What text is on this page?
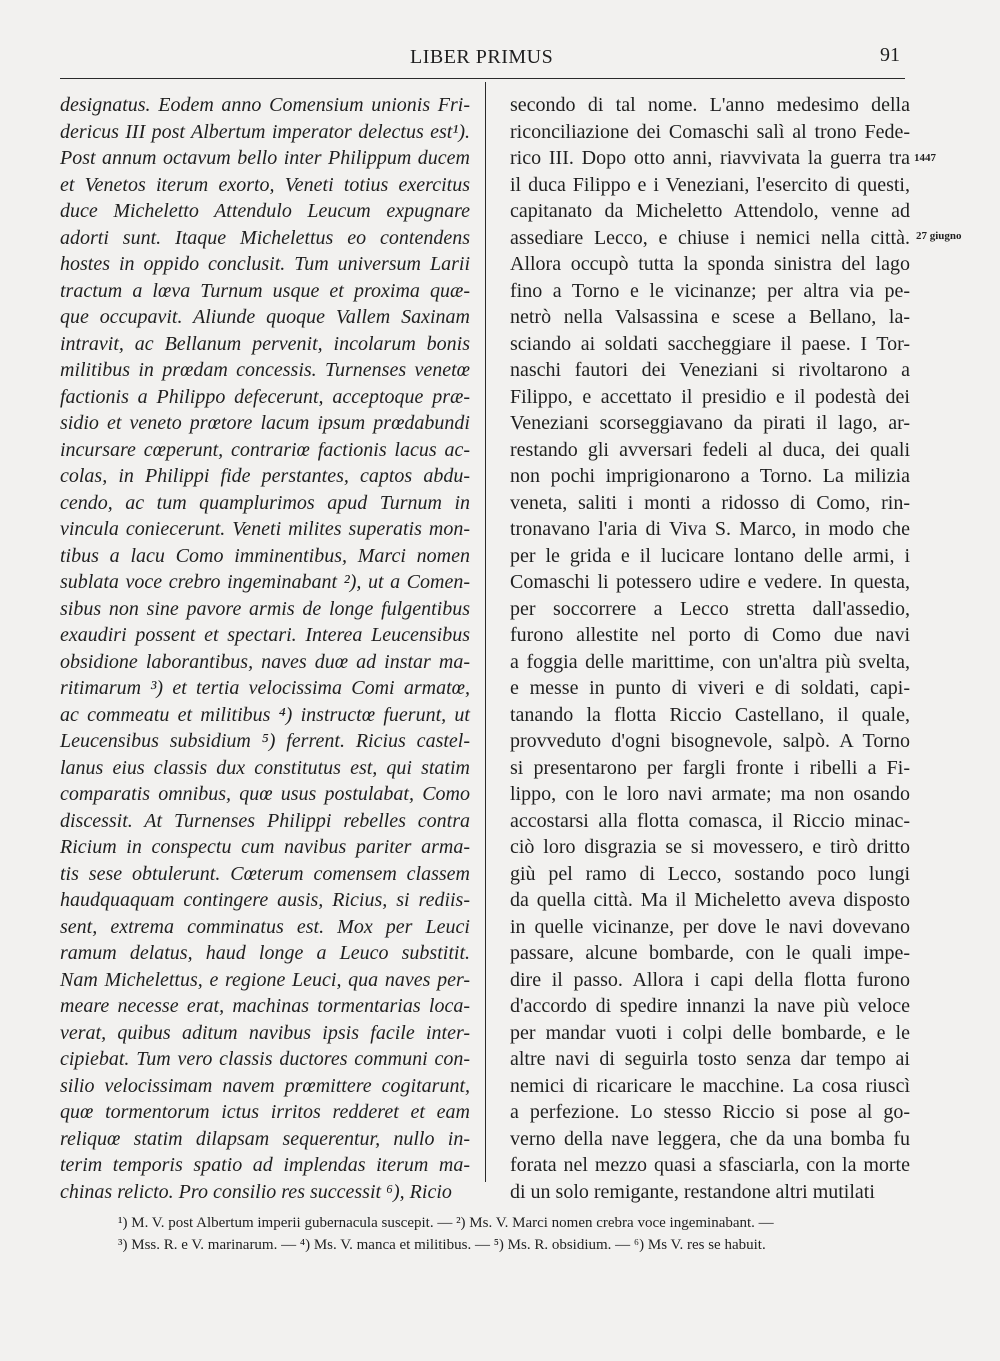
LIBER PRIMUS	91
designatus. Eodem anno Comensium unionis Fri-
dericus III post Albertum imperator delectus est¹).
Post annum octavum bello inter Philippum ducem
et Venetos iterum exorto, Veneti totius exercitus
duce Micheletto Attendulo Leucum expugnare
adorti sunt. Itaque Michelettus eo contendens
hostes in oppido conclusit. Tum universum Larii
tractum a lœva Turnum usque et proxima quæ-
que occupavit. Aliunde quoque Vallem Saxinam
intravit, ac Bellanum pervenit, incolarum bonis
militibus in prœdam concessis. Turnenses venetœ
factionis a Philippo defecerunt, acceptoque præ-
sidio et veneto prœtore lacum ipsum prœdabundi
incursare cœperunt, contrariœ factionis lacus ac-
colas, in Philippi fide perstantes, captos abdu-
cendo, ac tum quamplurimos apud Turnum in
vincula coniecerunt. Veneti milites superatis mon-
tibus a lacu Como imminentibus, Marci nomen
sublata voce crebro ingeminabant ²), ut a Comen-
sibus non sine pavore armis de longe fulgentibus
exaudiri possent et spectari. Interea Leucensibus
obsidione laborantibus, naves duœ ad instar ma-
ritimarum ³) et tertia velocissima Comi armatœ,
ac commeatu et militibus ⁴) instructœ fuerunt, ut
Leucensibus subsidium ⁵) ferrent. Ricius castel-
lanus eius classis dux constitutus est, qui statim
comparatis omnibus, quœ usus postulabat, Como
discessit. At Turnenses Philippi rebelles contra
Ricium in conspectu cum navibus pariter arma-
tis sese obtulerunt. Cœterum comensem classem
haudquaquam contingere ausis, Ricius, si rediis-
sent, extrema comminatus est. Mox per Leuci
ramum delatus, haud longe a Leuco substitit.
Nam Michelettus, e regione Leuci, qua naves per-
meare necesse erat, machinas tormentarias loca-
verat, quibus aditum navibus ipsis facile inter-
cipiebat. Tum vero classis ductores communi con-
silio velocissimam navem prœmittere cogitarunt,
quœ tormentorum ictus irritos redderet et eam
reliquœ statim dilapsam sequerentur, nullo in-
terim temporis spatio ad implendas iterum ma-
chinas relicto. Pro consilio res successit ⁶), Ricio
secondo di tal nome. L'anno medesimo della
riconciliazione dei Comaschi salì al trono Fede-
rico III. Dopo otto anni, riavvivata la guerra tra
il duca Filippo e i Veneziani, l'esercito di questi,
capitanato da Micheletto Attendolo, venne ad
assediare Lecco, e chiuse i nemici nella città.
Allora occupò tutta la sponda sinistra del lago
fino a Torno e le vicinanze; per altra via pe-
netrò nella Valsassina e scese a Bellano, la-
sciando ai soldati saccheggiare il paese. I Tor-
naschi fautori dei Veneziani si rivoltarono a
Filippo, e accettato il presidio e il podestà dei
Veneziani scorseggiavano da pirati il lago, ar-
restando gli avversari fedeli al duca, dei quali
non pochi imprigionarono a Torno. La milizia
veneta, saliti i monti a ridosso di Como, rin-
tronavano l'aria di Viva S. Marco, in modo che
per le grida e il lucicare lontano delle armi, i
Comaschi li potessero udire e vedere. In questa,
per soccorrere a Lecco stretta dall'assedio,
furono allestite nel porto di Como due navi
a foggia delle marittime, con un'altra più svelta,
e messe in punto di viveri e di soldati, capi-
tanando la flotta Riccio Castellano, il quale,
provveduto d'ogni bisognevole, salpò. A Torno
si presentarono per fargli fronte i ribelli a Fi-
lippo, con le loro navi armate; ma non osando
accostarsi alla flotta comasca, il Riccio minac-
ciò loro disgrazia se si movessero, e tirò dritto
giù pel ramo di Lecco, sostando poco lungi
da quella città. Ma il Micheletto aveva disposto
in quelle vicinanze, per dove le navi dovevano
passare, alcune bombarde, con le quali impe-
dire il passo. Allora i capi della flotta furono
d'accordo di spedire innanzi la nave più veloce
per mandar vuoti i colpi delle bombarde, e le
altre navi di seguirla tosto senza dar tempo ai
nemici di ricaricare le macchine. La cosa riuscì
a perfezione. Lo stesso Riccio si pose al go-
verno della nave leggera, che da una bomba fu
forata nel mezzo quasi a sfasciarla, con la morte
di un solo remigante, restandone altri mutilati
1447
27 giugno
¹) M. V. post Albertum imperii gubernacula suscepit. — ²) Ms. V. Marci nomen crebra voce ingeminabant. —
³) Mss. R. e V. marinarum. — ⁴) Ms. V. manca et militibus. — ⁵) Ms. R. obsidium. — ⁶) Ms V. res se habuit.
